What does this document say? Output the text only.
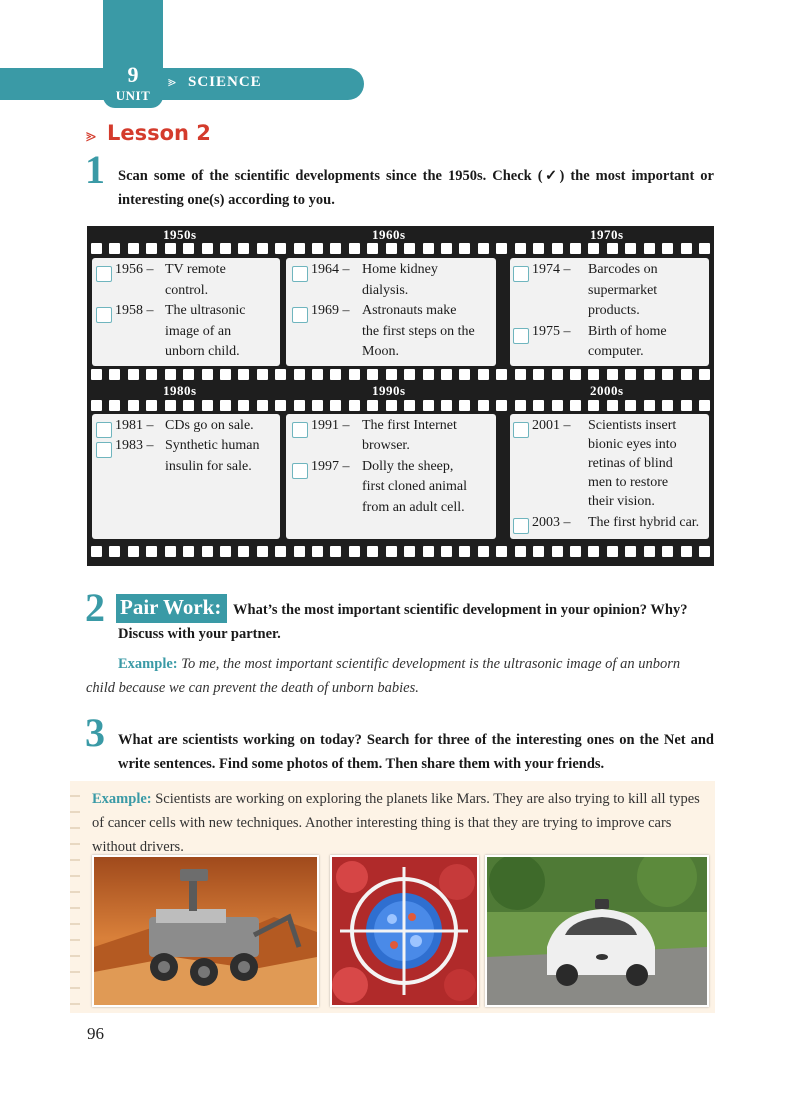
9
UNIT
⪢ SCIENCE
⪢ Lesson 2
1 Scan some of the scientific developments since the 1950s. Check (✓) the most important or interesting one(s) according to you.
1950s	1960s	1970s
1980s	1990s	2000s
1956 – TV remote
control.
1958 – The ultrasonic
image of an
unborn child.
1964 – Home kidney
dialysis.
1969 – Astronauts make
the first steps on the
Moon.
1974 – Barcodes on
supermarket
products.
1975 – Birth of home
computer.
1981 – CDs go on sale.
1983 – Synthetic human
insulin for sale.
1991 – The first Internet
browser.
1997 – Dolly the sheep,
first cloned animal
from an adult cell.
2001 – Scientists insert
bionic eyes into
retinas of blind
men to restore
their vision.
2003 – The first hybrid car.
2 Pair Work: What’s the most important scientific development in your opinion? Why?
Discuss with your partner.
Example: To me, the most important scientific development is the ultrasonic image of an unborn
child because we can prevent the death of unborn babies.
3 What are scientists working on today? Search for three of the interesting ones on the Net and write sentences. Find some photos of them. Then share them with your friends.
Example: Scientists are working on exploring the planets like Mars. They are also trying to kill all types of cancer cells with new techniques. Another interesting thing is that they are trying to improve cars without drivers.
96
